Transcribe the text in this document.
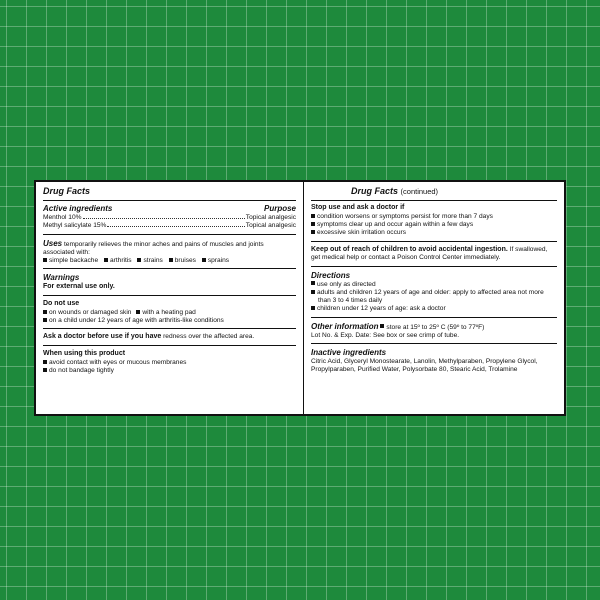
Drug Facts
Active ingredients	Purpose
Menthol 10%	Topical analgesic
Methyl salicylate 15%	Topical analgesic
Uses temporarily relieves the minor aches and pains of muscles and joints associated with:
simple backache arthritis strains bruises sprains
Warnings
For external use only.
Do not use
on wounds or damaged skin with a heating pad
on a child under 12 years of age with arthritis-like conditions
Ask a doctor before use if you have redness over the affected area.
When using this product
avoid contact with eyes or mucous membranes
do not bandage tightly
Drug Facts (continued)
Stop use and ask a doctor if
condition worsens or symptoms persist for more than 7 days
symptoms clear up and occur again within a few days
excessive skin irritation occurs
Keep out of reach of children to avoid accidental ingestion. If swallowed, get medical help or contact a Poison Control Center immediately.
Directions
use only as directed
adults and children 12 years of age and older: apply to affected area not more than 3 to 4 times daily
children under 12 years of age: ask a doctor
Other information store at 15º to 25º C (59º to 77ºF)
Lot No. & Exp. Date: See box or see crimp of tube.
Inactive ingredients
Citric Acid, Glyceryl Monostearate, Lanolin, Methylparaben, Propylene Glycol, Propylparaben, Purified Water, Polysorbate 80, Stearic Acid, Trolamine
